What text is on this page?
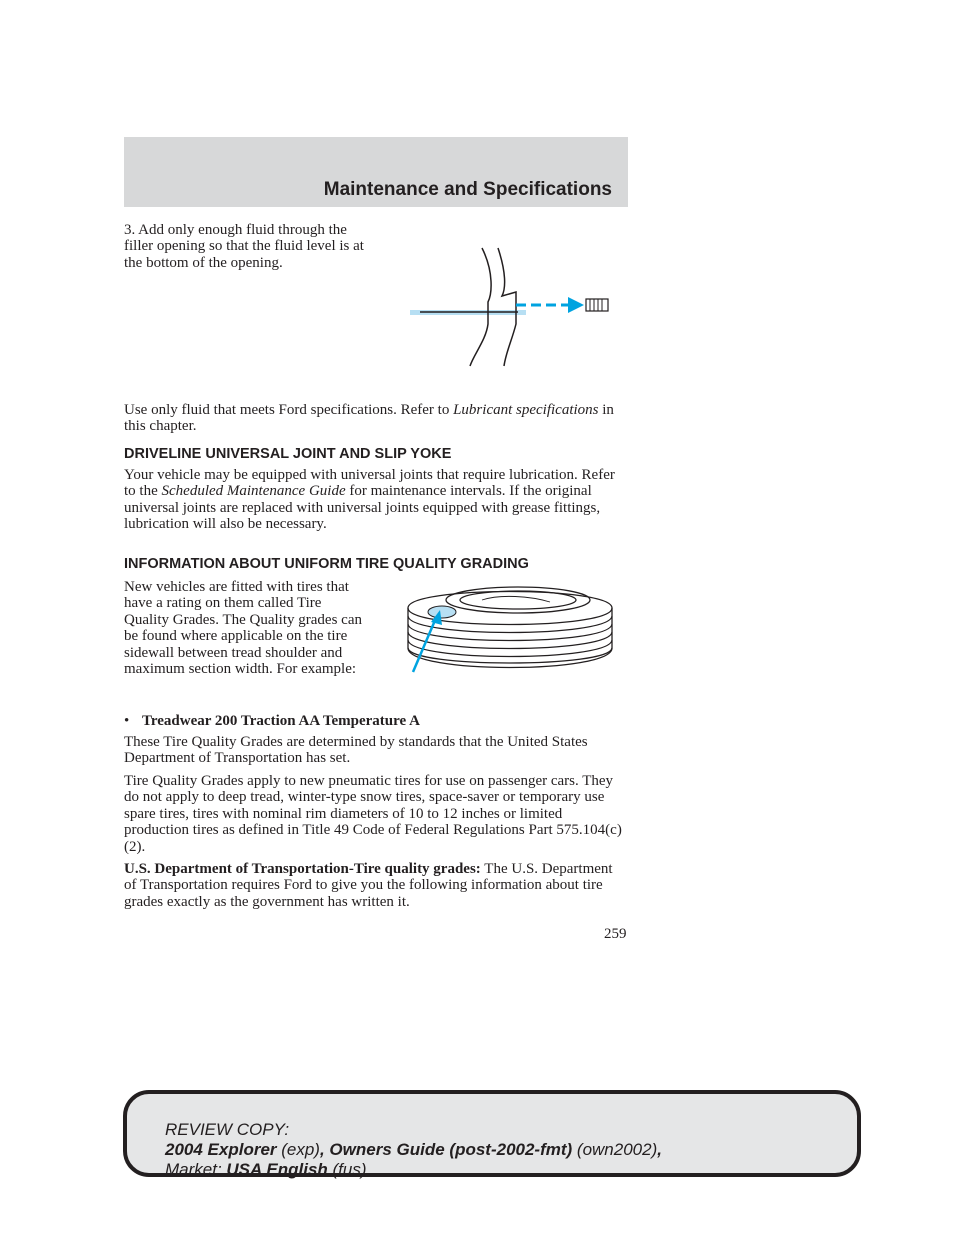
Maintenance and Specifications

3. Add only enough fluid through the filler opening so that the fluid level is at the bottom of the opening.

Use only fluid that meets Ford specifications. Refer to Lubricant specifications in this chapter.

DRIVELINE UNIVERSAL JOINT AND SLIP YOKE

Your vehicle may be equipped with universal joints that require lubrication. Refer to the Scheduled Maintenance Guide for maintenance intervals. If the original universal joints are replaced with universal joints equipped with grease fittings, lubrication will also be necessary.

INFORMATION ABOUT UNIFORM TIRE QUALITY GRADING

New vehicles are fitted with tires that have a rating on them called Tire Quality Grades. The Quality grades can be found where applicable on the tire sidewall between tread shoulder and maximum section width. For example:

• Treadwear 200 Traction AA Temperature A

These Tire Quality Grades are determined by standards that the United States Department of Transportation has set.

Tire Quality Grades apply to new pneumatic tires for use on passenger cars. They do not apply to deep tread, winter-type snow tires, space-saver or temporary use spare tires, tires with nominal rim diameters of 10 to 12 inches or limited production tires as defined in Title 49 Code of Federal Regulations Part 575.104(c)(2).

U.S. Department of Transportation-Tire quality grades: The U.S. Department of Transportation requires Ford to give you the following information about tire grades exactly as the government has written it.

259
REVIEW COPY:
2004 Explorer (exp), Owners Guide (post-2002-fmt) (own2002),
Market: USA English (fus)
